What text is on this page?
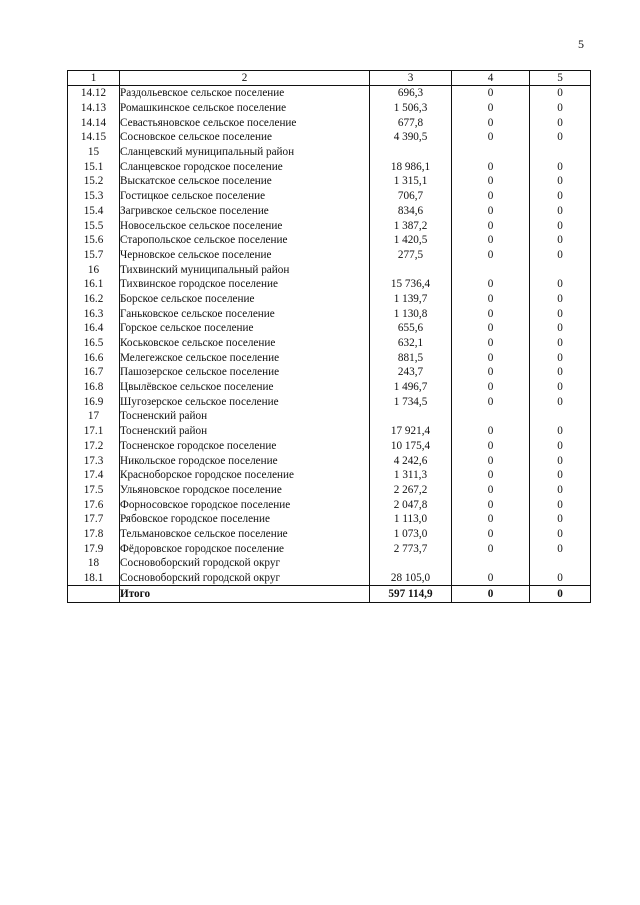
5
1	2	3	4	5
14.12	Раздольевское сельское поселение	696,3	0	0
14.13	Ромашкинское сельское поселение	1 506,3	0	0
14.14	Севастьяновское сельское поселение	677,8	0	0
14.15	Сосновское сельское поселение	4 390,5	0	0
15	Сланцевский муниципальный район			
15.1	Сланцевское городское поселение	18 986,1	0	0
15.2	Выскатское сельское поселение	1 315,1	0	0
15.3	Гостицкое сельское поселение	706,7	0	0
15.4	Загривское сельское поселение	834,6	0	0
15.5	Новосельское сельское поселение	1 387,2	0	0
15.6	Старопольское сельское поселение	1 420,5	0	0
15.7	Черновское сельское поселение	277,5	0	0
16	Тихвинский муниципальный район			
16.1	Тихвинское городское поселение	15 736,4	0	0
16.2	Борское сельское поселение	1 139,7	0	0
16.3	Ганьковское сельское поселение	1 130,8	0	0
16.4	Горское сельское поселение	655,6	0	0
16.5	Коськовское сельское поселение	632,1	0	0
16.6	Мелегежское сельское поселение	881,5	0	0
16.7	Пашозерское сельское поселение	243,7	0	0
16.8	Цвылёвское сельское поселение	1 496,7	0	0
16.9	Шугозерское сельское поселение	1 734,5	0	0
17	Тосненский район			
17.1	Тосненский район	17 921,4	0	0
17.2	Тосненское городское поселение	10 175,4	0	0
17.3	Никольское городское поселение	4 242,6	0	0
17.4	Красноборское городское поселение	1 311,3	0	0
17.5	Ульяновское городское поселение	2 267,2	0	0
17.6	Форносовское городское поселение	2 047,8	0	0
17.7	Рябовское городское поселение	1 113,0	0	0
17.8	Тельмановское сельское поселение	1 073,0	0	0
17.9	Фёдоровское городское поселение	2 773,7	0	0
18	Сосновоборский городской округ			
18.1	Сосновоборский городской округ	28 105,0	0	0
	Итого	597 114,9	0	0
